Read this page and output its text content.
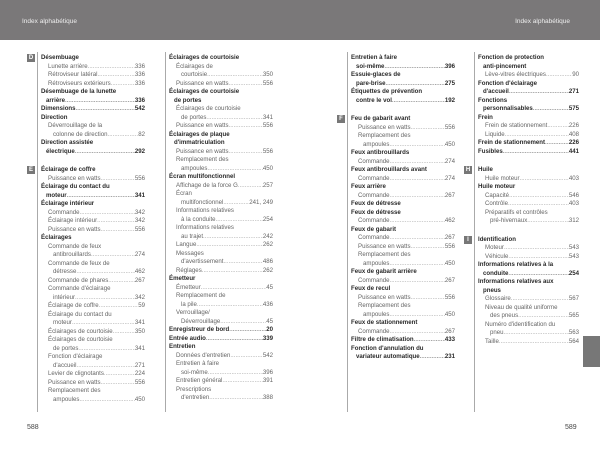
Index alphabétique	Index alphabétique
D Désembuage
Lunette arrière .....	336
Rétroviseur latéral .....	336
Rétroviseurs extérieurs .....	336
Désembuage de la lunette
arrière .....	336
Dimensions .....	542
Direction
Déverrouillage de la
colonne de direction .....	82
Direction assistée
électrique .....	292
E	Éclairage de coffre
Puissance en watts .....	556
Éclairage du contact du
moteur .....	341
Éclairage intérieur
Commande .....	342
Éclairage intérieur .....	342
Puissance en watts .....	556
Éclairages
Commande de feux
antibrouillards .....	274
Commande de feux de
détresse .....	462
Commande de phares .....	267
Commande d'éclairage
intérieur .....	342
Éclairage de coffre .....	59
Éclairage du contact du
moteur .....	341
Éclairages de courtoisie .....	350
Éclairages de courtoisie
de portes .....	341
Fonction d'éclairage
d'accueil .....	271
Levier de clignotants .....	224
Puissance en watts .....	556
Remplacement des
ampoules .....	450
Éclairages de courtoisie
Éclairages de
courtoisie .....	350
Puissance en watts .....	556
Éclairages de courtoisie
de portes
Éclairages de courtoisie
de portes .....	341
Puissance en watts .....	556
Éclairages de plaque
d'immatriculation
Puissance en watts .....	556
Remplacement des
ampoules .....	450
Écran multifonctionnel
Affichage de la force G .....	257
Écran
multifonctionnel .....	241, 249
Informations relatives
à la conduite .....	254
Informations relatives
au trajet .....	242
Langue .....	262
Messages
d'avertissement .....	486
Réglages .....	262
Émetteur
Émetteur .....	45
Remplacement de
la pile .....	436
Verrouillage/
Déverrouillage .....	45
Enregistreur de bord .....	20
Entrée audio .....	339
Entretien
Données d'entretien .....	542
Entretien à faire
soi-même .....	396
Entretien général .....	391
Prescriptions
d'entretien .....	388
Entretien à faire
soi-même .....	396
Essuie-glaces de
pare-brise .....	275
Étiquettes de prévention
contre le vol .....	192
F	Feu de gabarit avant
Puissance en watts .....	556
Remplacement des
ampoules .....	450
Feux antibrouillards
Commande .....	274
Feux antibrouillards avant
Commande .....	274
Feux arrière
Commande .....	267
Feux de détresse
Feux de détresse
Commande .....	462
Feux de gabarit
Commande .....	267
Puissance en watts .....	556
Remplacement des
ampoules .....	450
Feux de gabarit arrière
Commande .....	267
Feux de recul
Puissance en watts .....	556
Remplacement des
ampoules .....	450
Feux de stationnement
Commande .....	267
Filtre de climatisation .....	433
Fonction d'annulation du
variateur automatique .....	231
Fonction de protection
anti-pincement
Lève-vitres électriques .....	90
Fonction d'éclairage
d'accueil .....	271
Fonctions
personnalisables .....	575
Frein
Frein de stationnement .....	226
Liquide .....	408
Frein de stationnement .....	226
Fusibles .....	441
H Huile
Huile moteur .....	403
Huile moteur
Capacité .....	546
Contrôle .....	403
Préparatifs et contrôles
pré-hivernaux .....	312
I	Identification
Moteur .....	543
Véhicule .....	543
Informations relatives à la
conduite .....	254
Informations relatives aux
pneus
Glossaire .....	567
Niveau de qualité uniforme
des pneus .....	565
Numéro d'identification du
pneu .....	563
Taille .....	564
588	589
